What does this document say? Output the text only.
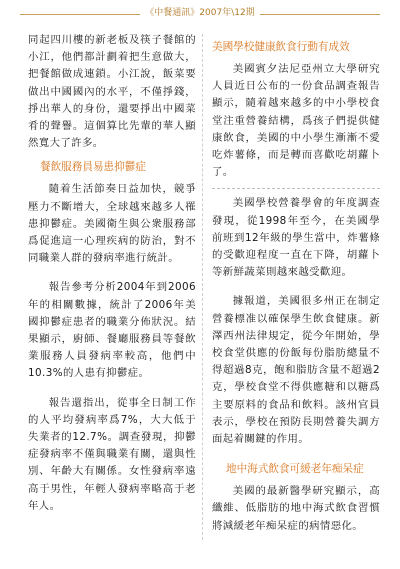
《中餐通訊》2007年\12期

同起四川樓的新老板及筷子餐館的小江，他們都計劃着把生意做大，把餐館做成連鎖。小江說，飯菜要做出中國國內的水平，不僅掙錢，掙出華人的身份，還要掙出中國菜肴的聲譽。這個算比先輩的華人顯然寬大了許多。

餐飲服務員易患抑鬱症

隨着生活節奏日益加快，競爭壓力不斷增大，全球越來越多人罹患抑鬱症。美國衛生與公衆服務部爲促進這一心理疾病的防治，對不同職業人群的發病率進行統計。

報告參考分析2004年到2006年的相關數據，統計了2006年美國抑鬱症患者的職業分佈狀況。結果顯示，廚師、餐廳服務員等餐飲業服務人員發病率較高，他們中10.3%的人患有抑鬱症。

報告還指出，從事全日制工作的人平均發病率爲7%，大大低于失業者的12.7%。調查發現，抑鬱症發病率不僅與職業有關，還與性別、年齡大有關係。女性發病率遠高于男性，年輕人發病率略高于老年人。

美國學校健康飲食行動有成效

美國賓夕法尼亞州立大學研究人員近日公布的一份食品調查報告顯示，隨着越來越多的中小學校食堂注重營養結構，爲孩子們提供健康飲食，美國的中小學生漸漸不愛吃炸薯條，而是轉而喜歡吃胡蘿卜了。

美國學校營養學會的年度調查發現，從1998年至今，在美國學前班到12年級的學生當中，炸薯條的受歡迎程度一直在下降，胡蘿卜等新鮮蔬菜則越來越受歡迎。

據報道，美國很多州正在制定營養標准以確保學生飲食健康。新澤西州法律規定，從今年開始，學校食堂供應的份飯每份脂肪總量不得超過8克，飽和脂肪含量不超過2克，學校食堂不得供應糖和以糖爲主要原料的食品和飲料。該州官員表示，學校在預防長期營養失調方面起着關鍵的作用。

地中海式飲食可緩老年痴呆症

美國的最新醫學研究顯示，高纖維、低脂肪的地中海式飲食習慣將減緩老年痴呆症的病情惡化。
